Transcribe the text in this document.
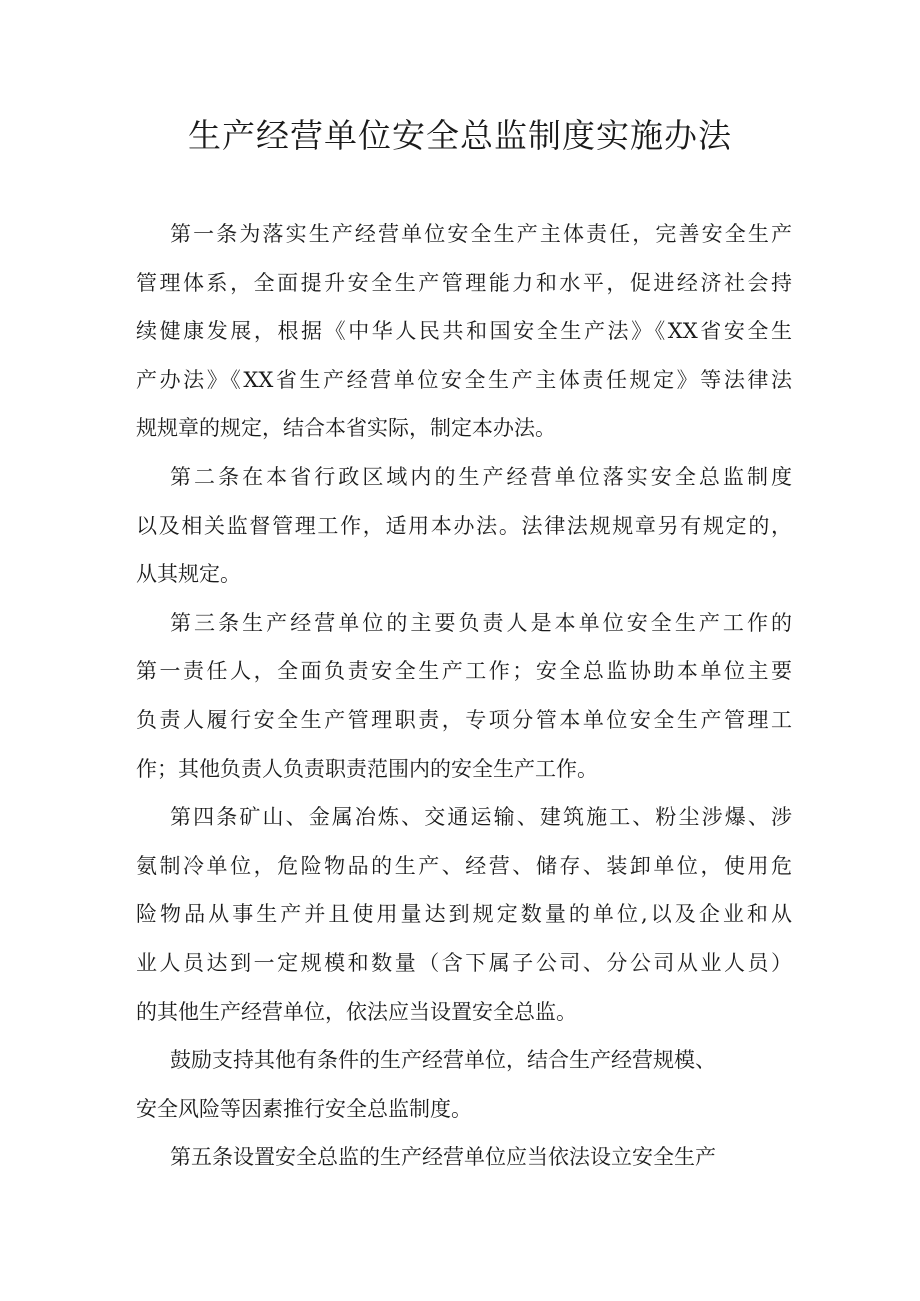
生产经营单位安全总监制度实施办法
第一条为落实生产经营单位安全生产主体责任，完善安全生产
管理体系，全面提升安全生产管理能力和水平，促进经济社会持
续健康发展，根据《中华人民共和国安全生产法》《XX省安全生
产办法》《XX省生产经营单位安全生产主体责任规定》等法律法
规规章的规定，结合本省实际，制定本办法。
第二条在本省行政区域内的生产经营单位落实安全总监制度
以及相关监督管理工作，适用本办法。法律法规规章另有规定的，
从其规定。
第三条生产经营单位的主要负责人是本单位安全生产工作的
第一责任人，全面负责安全生产工作；安全总监协助本单位主要
负责人履行安全生产管理职责，专项分管本单位安全生产管理工
作；其他负责人负责职责范围内的安全生产工作。
第四条矿山、金属冶炼、交通运输、建筑施工、粉尘涉爆、涉
氨制冷单位，危险物品的生产、经营、储存、装卸单位，使用危
险物品从事生产并且使用量达到规定数量的单位,以及企业和从
业人员达到一定规模和数量（含下属子公司、分公司从业人员）
的其他生产经营单位，依法应当设置安全总监。
鼓励支持其他有条件的生产经营单位，结合生产经营规模、
安全风险等因素推行安全总监制度。
第五条设置安全总监的生产经营单位应当依法设立安全生产
